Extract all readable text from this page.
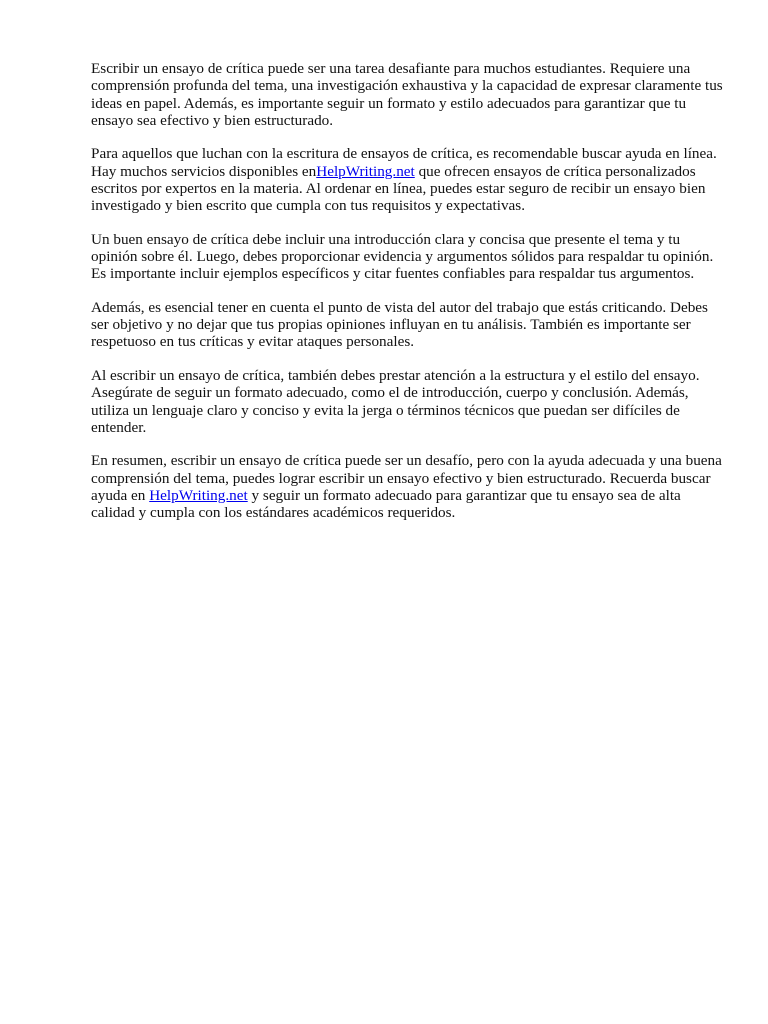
Escribir un ensayo de crítica puede ser una tarea desafiante para muchos estudiantes. Requiere una comprensión profunda del tema, una investigación exhaustiva y la capacidad de expresar claramente tus ideas en papel. Además, es importante seguir un formato y estilo adecuados para garantizar que tu ensayo sea efectivo y bien estructurado.

Para aquellos que luchan con la escritura de ensayos de crítica, es recomendable buscar ayuda en línea. Hay muchos servicios disponibles enHelpWriting.net que ofrecen ensayos de crítica personalizados escritos por expertos en la materia. Al ordenar en línea, puedes estar seguro de recibir un ensayo bien investigado y bien escrito que cumpla con tus requisitos y expectativas.

Un buen ensayo de crítica debe incluir una introducción clara y concisa que presente el tema y tu opinión sobre él. Luego, debes proporcionar evidencia y argumentos sólidos para respaldar tu opinión. Es importante incluir ejemplos específicos y citar fuentes confiables para respaldar tus argumentos.

Además, es esencial tener en cuenta el punto de vista del autor del trabajo que estás criticando. Debes ser objetivo y no dejar que tus propias opiniones influyan en tu análisis. También es importante ser respetuoso en tus críticas y evitar ataques personales.

Al escribir un ensayo de crítica, también debes prestar atención a la estructura y el estilo del ensayo. Asegúrate de seguir un formato adecuado, como el de introducción, cuerpo y conclusión. Además, utiliza un lenguaje claro y conciso y evita la jerga o términos técnicos que puedan ser difíciles de entender.

En resumen, escribir un ensayo de crítica puede ser un desafío, pero con la ayuda adecuada y una buena comprensión del tema, puedes lograr escribir un ensayo efectivo y bien estructurado. Recuerda buscar ayuda en HelpWriting.net y seguir un formato adecuado para garantizar que tu ensayo sea de alta calidad y cumpla con los estándares académicos requeridos.
